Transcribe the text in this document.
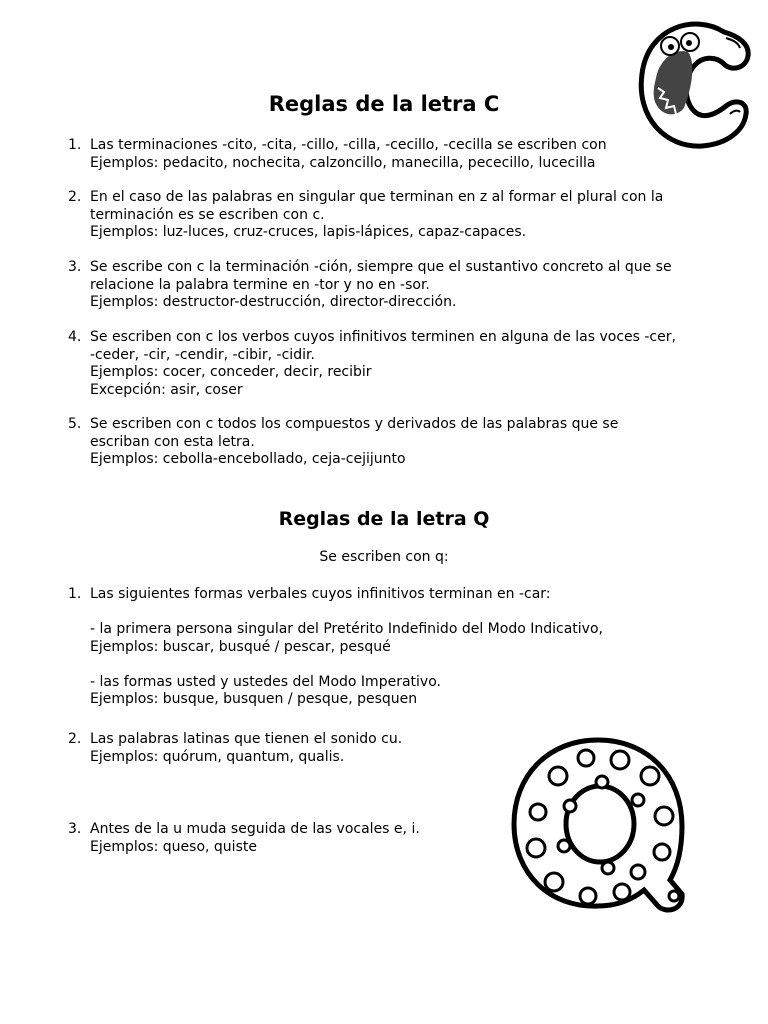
Reglas de la letra C
1. Las terminaciones -cito, -cita, -cillo, -cilla, -cecillo, -cecilla se escriben con
Ejemplos: pedacito, nochecita, calzoncillo, manecilla, pececillo, lucecilla
2. En el caso de las palabras en singular que terminan en z al formar el plural con la
terminación es se escriben con c.
Ejemplos: luz-luces, cruz-cruces, lapis-lápices, capaz-capaces.
3. Se escribe con c la terminación -ción, siempre que el sustantivo concreto al que se
relacione la palabra termine en -tor y no en -sor.
Ejemplos: destructor-destrucción, director-dirección.
4. Se escriben con c los verbos cuyos infinitivos terminen en alguna de las voces -cer,
-ceder, -cir, -cendir, -cibir, -cidir.
Ejemplos: cocer, conceder, decir, recibir
Excepción: asir, coser
5. Se escriben con c todos los compuestos y derivados de las palabras que se
escriban con esta letra.
Ejemplos: cebolla-encebollado, ceja-cejijunto
Reglas de la letra Q
Se escriben con q:
1. Las siguientes formas verbales cuyos infinitivos terminan en -car:
- la primera persona singular del Pretérito Indefinido del Modo Indicativo,
Ejemplos: buscar, busqué / pescar, pesqué
- las formas usted y ustedes del Modo Imperativo.
Ejemplos: busque, busquen / pesque, pesquen
2. Las palabras latinas que tienen el sonido cu.
Ejemplos: quórum, quantum, qualis.
3. Antes de la u muda seguida de las vocales e, i.
Ejemplos: queso, quiste
